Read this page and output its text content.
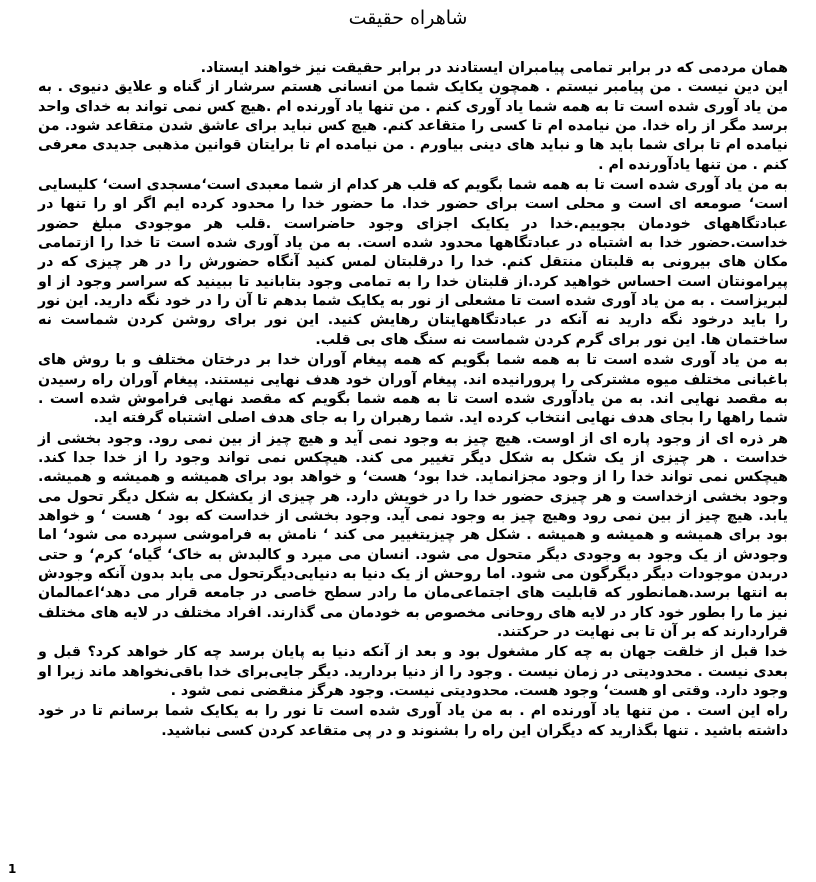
شاهراه حقیقت

همان مردمی که در برابر تمامی پیامبران ایستادند در برابر حقیقت نیز خواهند ایستاد.

این دین نیست . من پیامبر نیستم . همچون یکایک شما من انسانی هستم سرشار از گناه و علایق دنیوی . به من یاد آوری شده است تا به همه شما یاد آوری کنم . من تنها یاد آورنده ام .هیچ کس نمی تواند به خدای واحد برسد مگر از راه خدا. من نیامده ام تا کسی را متقاعد کنم. هیچ کس نباید برای عاشق شدن متقاعد شود. من نیامده ام تا برای شما باید ها و نباید های دینی بیاورم . من نیامده ام تا برایتان قوانین مذهبی جدیدی معرفی کنم . من تنها یادآورنده ام .

به من یاد آوری شده است تا به همه شما بگویم که قلب هر کدام از شما معبدی است‘مسجدی است‘ کلیسایی است‘ صومعه ای است و محلی است برای حضور خدا. ما حضور خدا را محدود کرده ایم اگر او را تنها در عبادتگاههای خودمان بجوییم.خدا در یکایک اجزای وجود حاضراست .قلب هر موجودی مبلغ حضور خداست.حضور خدا به اشتباه در عبادتگاهها محدود شده است. به من یاد آوری شده است تا خدا را ازتمامی مکان های بیرونی به قلبتان منتقل کنم. خدا را درقلبتان لمس کنید آنگاه حضورش را در هر چیزی که در پیرامونتان است احساس خواهید کرد.از قلبتان خدا را به تمامی وجود بتابانید تا ببینید که سراسر وجود از او لبریزاست . به من یاد آوری شده است تا مشعلی از نور به یکایک شما بدهم تا آن را در خود نگه دارید. این نور را باید درخود نگه دارید نه آنکه در عبادتگاههایتان رهایش کنید. این نور برای روشن کردن شماست نه ساختمان ها. این نور برای گرم کردن شماست نه سنگ های بی قلب.

به من یاد آوری شده است تا به همه شما بگویم که همه پیغام آوران خدا بر درختان مختلف و با روش های باغبانی مختلف میوه مشترکی را پرورانیده اند. پیغام آوران خود هدف نهایی نیستند. پیغام آوران راه رسیدن به مقصد نهایی اند. به من یادآوری شده است تا به همه شما بگویم که مقصد نهایی فراموش شده است . شما راهها را بجای هدف نهایی انتخاب کرده اید. شما رهبران را به جای هدف اصلی اشتباه گرفته اید.

هر ذره ای از وجود پاره ای از اوست. هیچ چیز به وجود نمی آید و هیچ چیز از بین نمی رود. وجود بخشی از خداست . هر چیزی از یک شکل به شکل دیگر تغییر می کند. هیچکس نمی تواند وجود را از خدا جدا کند. هیچکس نمی تواند خدا را از وجود مجزانماید. خدا بود‘ هست‘ و خواهد بود برای همیشه و همیشه و همیشه. وجود بخشی ازخداست و هر چیزی حضور خدا را در خویش دارد. هر چیزی از یکشکل به شکل دیگر تحول می یابد. هیچ چیز از بین نمی رود وهیچ چیز به وجود نمی آید. وجود بخشی از خداست که بود ‘ هست ‘ و خواهد بود برای همیشه و همیشه و همیشه . شکل هر چیزیتغییر می کند ‘ نامش به فراموشی سپرده می شود‘ اما وجودش از یک وجود به وجودی دیگر متحول می شود. انسان می میرد و کالبدش به خاک‘ گیاه‘ کرم‘ و حتی دربدن موجودات دیگر دیگرگون می شود. اما روحش از یک دنیا به دنیایی‌دیگرتحول می یابد بدون آنکه وجودش به انتها برسد.همانطور که قابلیت های اجتماعی‌مان ما رادر سطح خاصی در جامعه قرار می دهد‘اعمالمان نیز ما را بطور خود کار در لایه های روحانی مخصوص به خودمان می گذارند. افراد مختلف در لایه های مختلف قراردارند که بر آن تا بی نهایت در حرکتند.

خدا قبل از خلقت جهان به چه کار مشغول بود و بعد از آنکه دنیا به پایان برسد چه کار خواهد کرد؟ قبل و بعدی نیست . محدودیتی در زمان نیست . وجود را از دنیا بردارید. دیگر جایی‌برای خدا باقی‌نخواهد ماند زیرا او وجود دارد. وقتی او هست‘ وجود هست. محدودیتی نیست. وجود هرگز منقضی نمی شود .

راه این است . من تنها یاد آورنده ام . به من یاد آوری شده است تا نور را به یکایک شما برسانم تا در خود داشته باشید . تنها بگذارید که دیگران این راه را بشنوند و در پی متقاعد کردن کسی نباشید.

1
